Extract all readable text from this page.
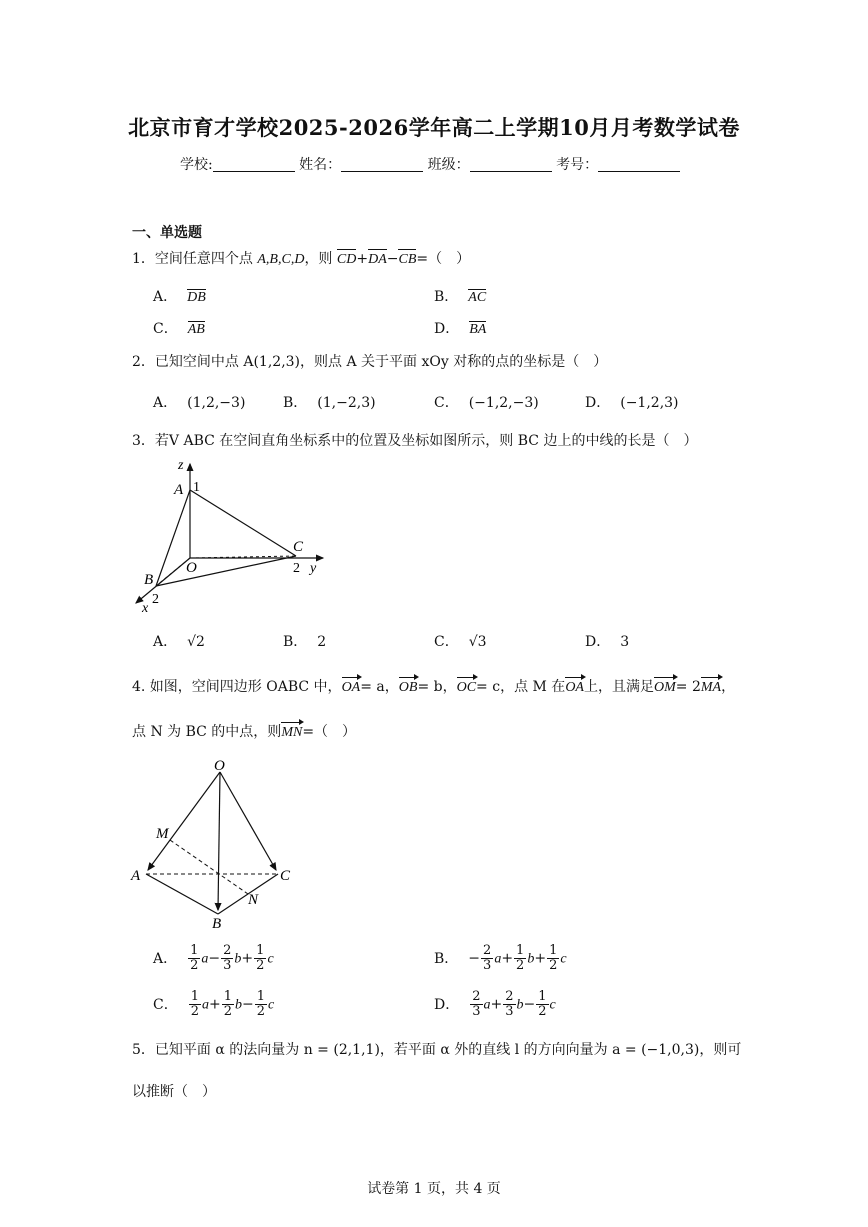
北京市育才学校2025-2026学年高二上学期10月月考数学试卷
学校:	姓名：	班级：	考号：
一、单选题
1．空间任意四个点 A,B,C,D，则 CD+DA−CB=（　）
A． DB	B． AC
C． AB	D． BA
2．已知空间中点 A(1,2,3)，则点 A 关于平面 xOy 对称的点的坐标是（　）
A． (1,2,−3)	B． (1,−2,3)	C． (−1,2,−3)	D． (−1,2,3)
3．若V ABC 在空间直角坐标系中的位置及坐标如图所示，则 BC 边上的中线的长是（　）
z
A 1
O
C
2 y
B
2
x
A． √2	B． 2	C． √3	D． 3
4. 如图，空间四边形 OABC 中，OA= a，OB= b，OC= c，点 M 在OA上，且满足OM= 2MA，
点 N 为 BC 的中点，则MN=（　）
O
M
A	C
N
B
A． $\frac{1}{2} a- \frac{2}{3} b+ \frac{1}{2}$ c	B． − $\frac{2}{3} a+ \frac{1}{2} b+ \frac{1}{2}$ c
C． $\frac{1}{2} a+ \frac{1}{2} b- \frac{1}{2}$ c	D． $\frac{2}{3} a+ \frac{2}{3} b- \frac{1}{2}$ c
5．已知平面 α 的法向量为 n = (2,1,1)，若平面 α 外的直线 l 的方向向量为 a = (−1,0,3)，则可
以推断（　）
试卷第 1 页，共 4 页
